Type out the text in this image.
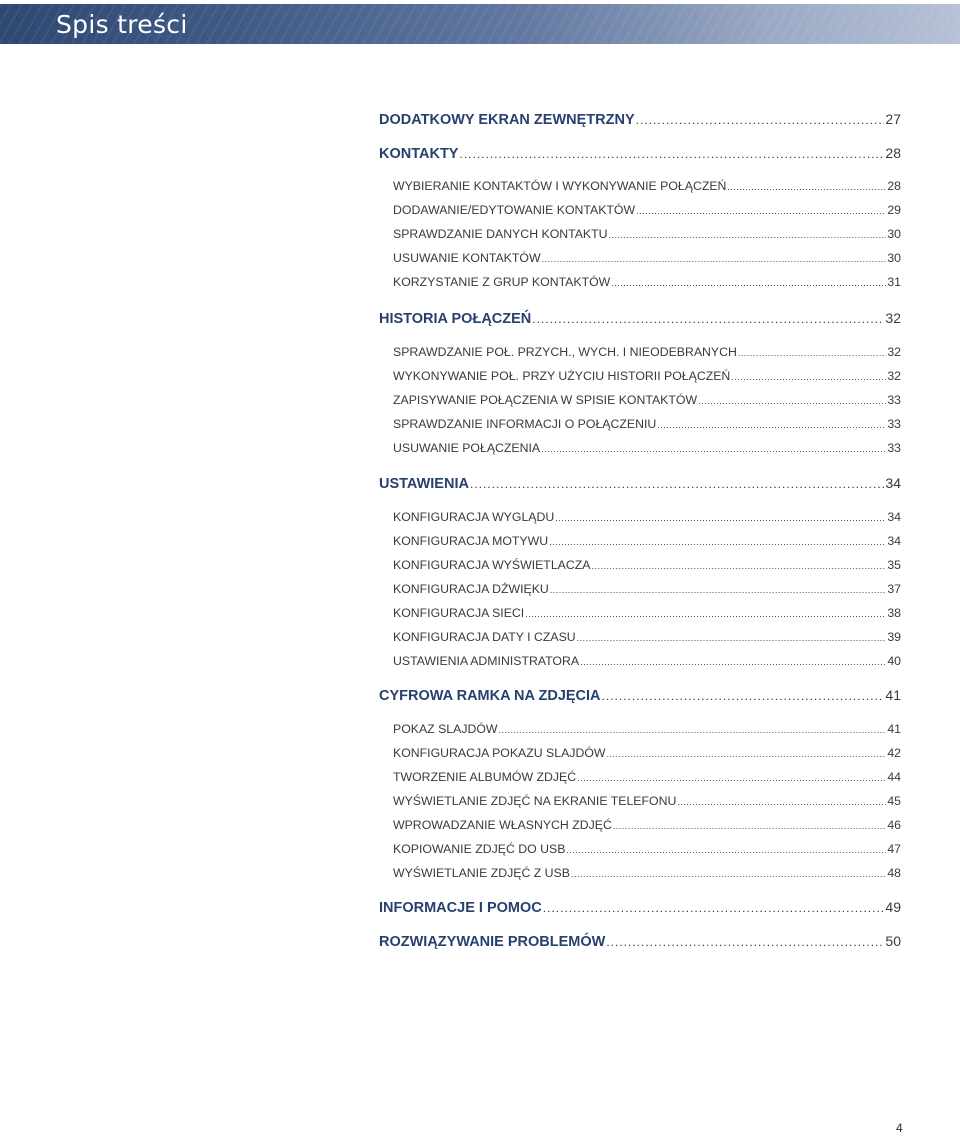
Spis treści
DODATKOWY EKRAN ZEWNĘTRZNY .....	27
KONTAKTY .....	28
WYBIERANIE KONTAKTÓW I WYKONYWANIE POŁĄCZEŃ .....	28
DODAWANIE/EDYTOWANIE KONTAKTÓW .....	29
SPRAWDZANIE DANYCH KONTAKTU .....	30
USUWANIE KONTAKTÓW .....	30
KORZYSTANIE Z GRUP KONTAKTÓW .....	31
HISTORIA POŁĄCZEŃ .....	32
SPRAWDZANIE POŁ. PRZYCH., WYCH. I NIEODEBRANYCH .....	32
WYKONYWANIE POŁ. PRZY UŻYCIU HISTORII POŁĄCZEŃ .....	32
ZAPISYWANIE POŁĄCZENIA W SPISIE KONTAKTÓW .....	33
SPRAWDZANIE INFORMACJI O POŁĄCZENIU .....	33
USUWANIE POŁĄCZENIA .....	33
USTAWIENIA .....	34
KONFIGURACJA WYGLĄDU .....	34
KONFIGURACJA MOTYWU .....	34
KONFIGURACJA WYŚWIETLACZA .....	35
KONFIGURACJA DŹWIĘKU .....	37
KONFIGURACJA SIECI .....	38
KONFIGURACJA DATY I CZASU .....	39
USTAWIENIA ADMINISTRATORA .....	40
CYFROWA RAMKA NA ZDJĘCIA .....	41
POKAZ SLAJDÓW .....	41
KONFIGURACJA POKAZU SLAJDÓW .....	42
TWORZENIE ALBUMÓW ZDJĘĆ .....	44
WYŚWIETLANIE ZDJĘĆ NA EKRANIE TELEFONU .....	45
WPROWADZANIE WŁASNYCH ZDJĘĆ .....	46
KOPIOWANIE ZDJĘĆ DO USB .....	47
WYŚWIETLANIE ZDJĘĆ Z USB .....	48
INFORMACJE I POMOC .....	49
ROZWIĄZYWANIE PROBLEMÓW .....	50
4
